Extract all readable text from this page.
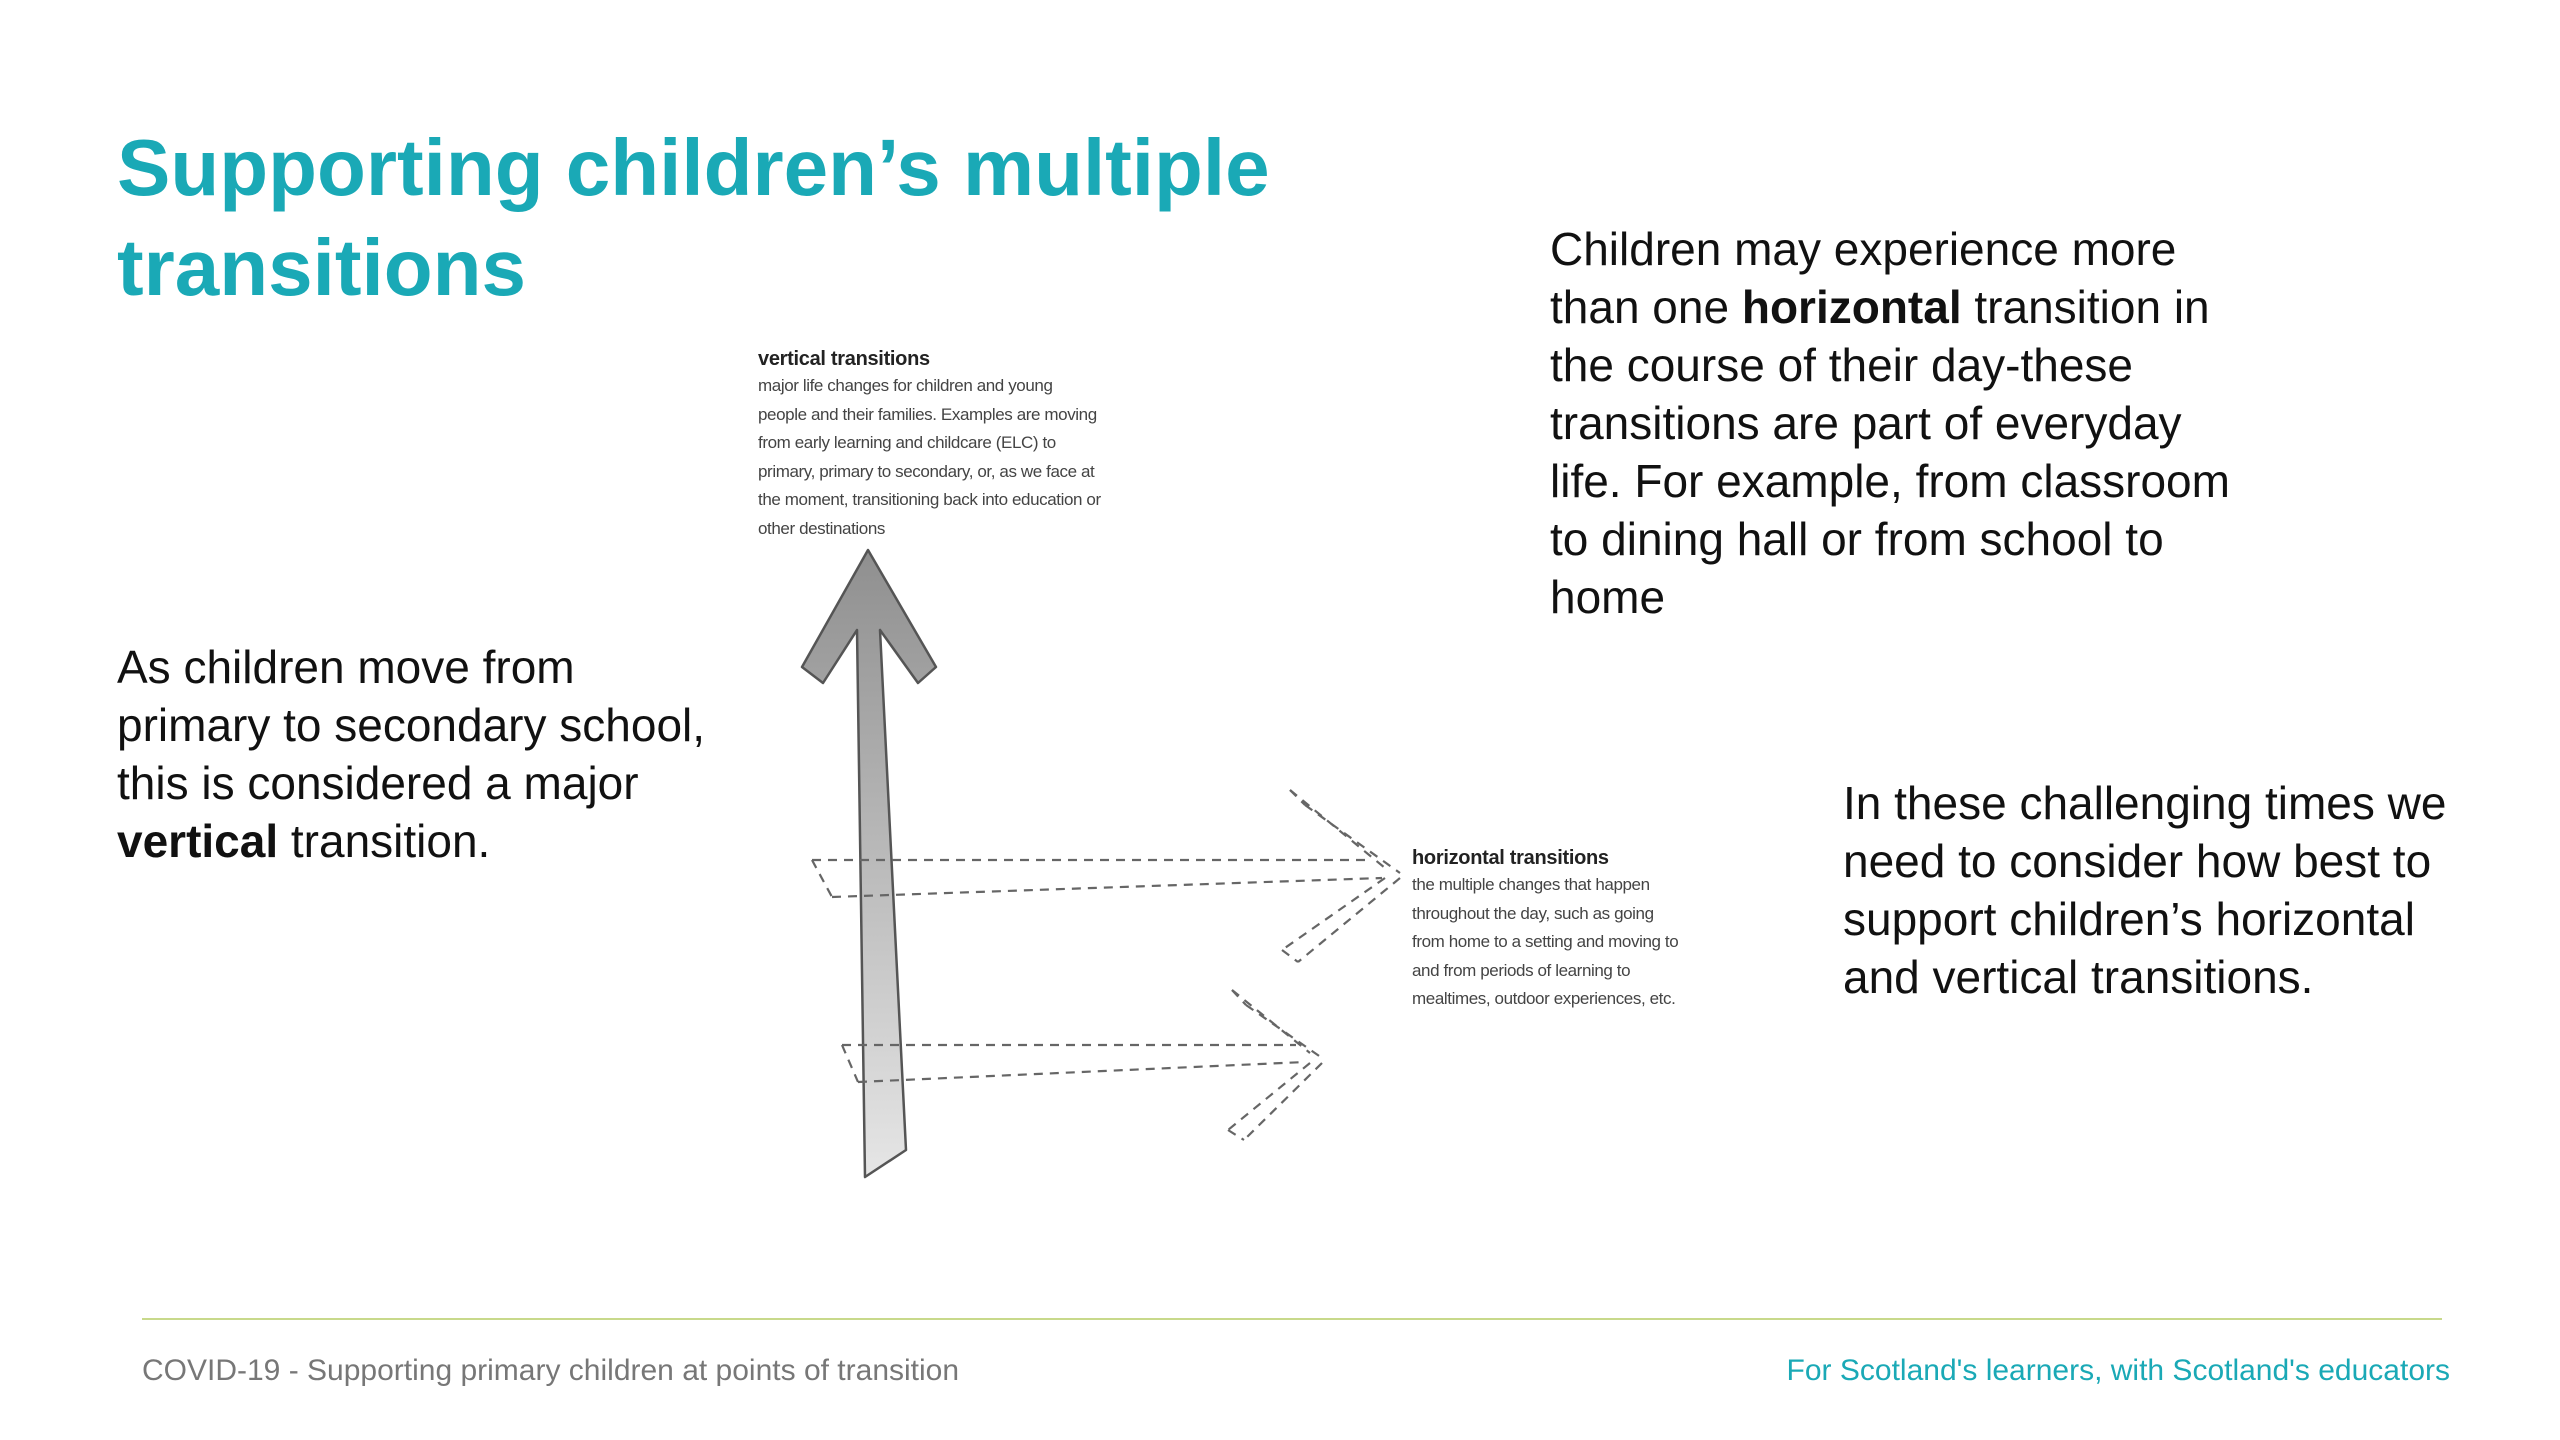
Supporting children’s multiple transitions

As children move from primary to secondary school, this is considered a major vertical transition.

Children may experience more than one horizontal transition in the course of their day-these transitions are part of everyday life. For example, from classroom to dining hall or from school to home

In these challenging times we need to consider how best to support children’s horizontal and vertical transitions.

vertical transitions
major life changes for children and young people and their families. Examples are moving from early learning and childcare (ELC) to primary, primary to secondary, or, as we face at the moment, transitioning back into education or other destinations
horizontal transitions
the multiple changes that happen throughout the day, such as going from home to a setting and moving to and from periods of learning to mealtimes, outdoor experiences, etc.

COVID-19 - Supporting primary children at points of transition	For Scotland's learners, with Scotland's educators
